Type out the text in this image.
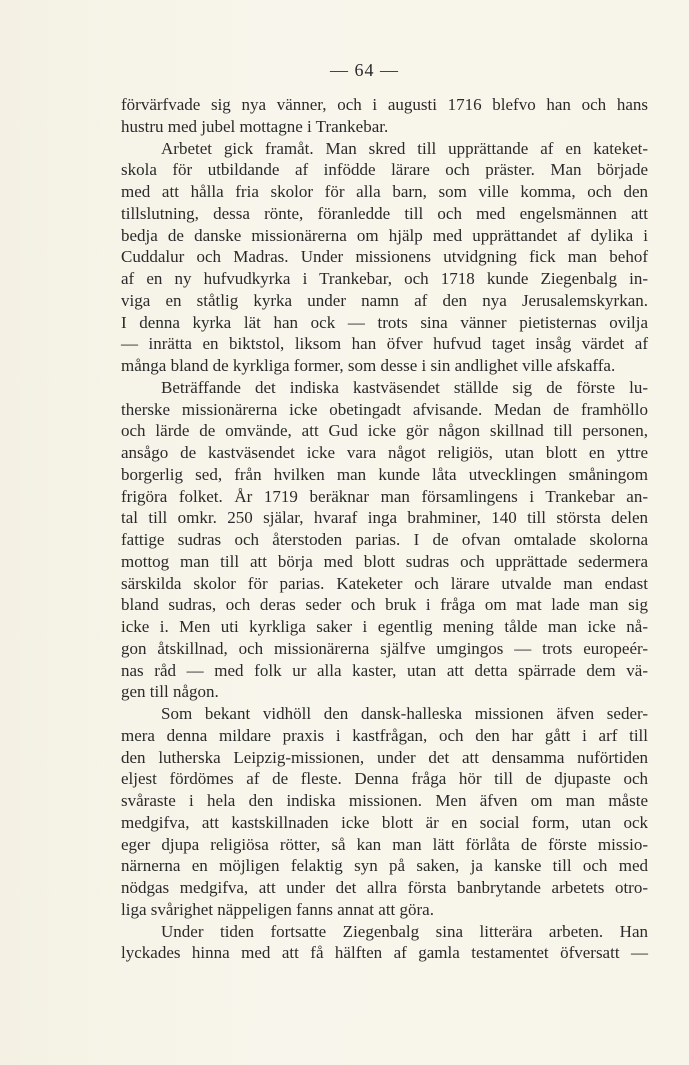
— 64 —
förvärfvade sig nya vänner, och i augusti 1716 blefvo han och hans
hustru med jubel mottagne i Trankebar.
Arbetet gick framåt. Man skred till upprättande af en kateket-
skola för utbildande af infödde lärare och präster. Man började
med att hålla fria skolor för alla barn, som ville komma, och den
tillslutning, dessa rönte, föranledde till och med engelsmännen att
bedja de danske missionärerna om hjälp med upprättandet af dylika i
Cuddalur och Madras. Under missionens utvidgning fick man behof
af en ny hufvudkyrka i Trankebar, och 1718 kunde Ziegenbalg in-
viga en ståtlig kyrka under namn af den nya Jerusalemskyrkan.
I denna kyrka lät han ock — trots sina vänner pietisternas ovilja
— inrätta en biktstol, liksom han öfver hufvud taget insåg värdet af
många bland de kyrkliga former, som desse i sin andlighet ville afskaffa.
Beträffande det indiska kastväsendet ställde sig de förste lu-
therske missionärerna icke obetingadt afvisande. Medan de framhöllo
och lärde de omvände, att Gud icke gör någon skillnad till personen,
ansågo de kastväsendet icke vara något religiös, utan blott en yttre
borgerlig sed, från hvilken man kunde låta utvecklingen småningom
frigöra folket. År 1719 beräknar man församlingens i Trankebar an-
tal till omkr. 250 själar, hvaraf inga brahminer, 140 till största delen
fattige sudras och återstoden parias. I de ofvan omtalade skolorna
mottog man till att börja med blott sudras och upprättade sedermera
särskilda skolor för parias. Kateketer och lärare utvalde man endast
bland sudras, och deras seder och bruk i fråga om mat lade man sig
icke i. Men uti kyrkliga saker i egentlig mening tålde man icke nå-
gon åtskillnad, och missionärerna själfve umgingos — trots europeér-
nas råd — med folk ur alla kaster, utan att detta spärrade dem vä-
gen till någon.
Som bekant vidhöll den dansk-halleska missionen äfven seder-
mera denna mildare praxis i kastfrågan, och den har gått i arf till
den lutherska Leipzig-missionen, under det att densamma nuförtiden
eljest fördömes af de fleste. Denna fråga hör till de djupaste och
svåraste i hela den indiska missionen. Men äfven om man måste
medgifva, att kastskillnaden icke blott är en social form, utan ock
eger djupa religiösa rötter, så kan man lätt förlåta de förste missio-
närnerna en möjligen felaktig syn på saken, ja kanske till och med
nödgas medgifva, att under det allra första banbrytande arbetets otro-
liga svårighet näppeligen fanns annat att göra.
Under tiden fortsatte Ziegenbalg sina litterära arbeten. Han
lyckades hinna med att få hälften af gamla testamentet öfversatt —
